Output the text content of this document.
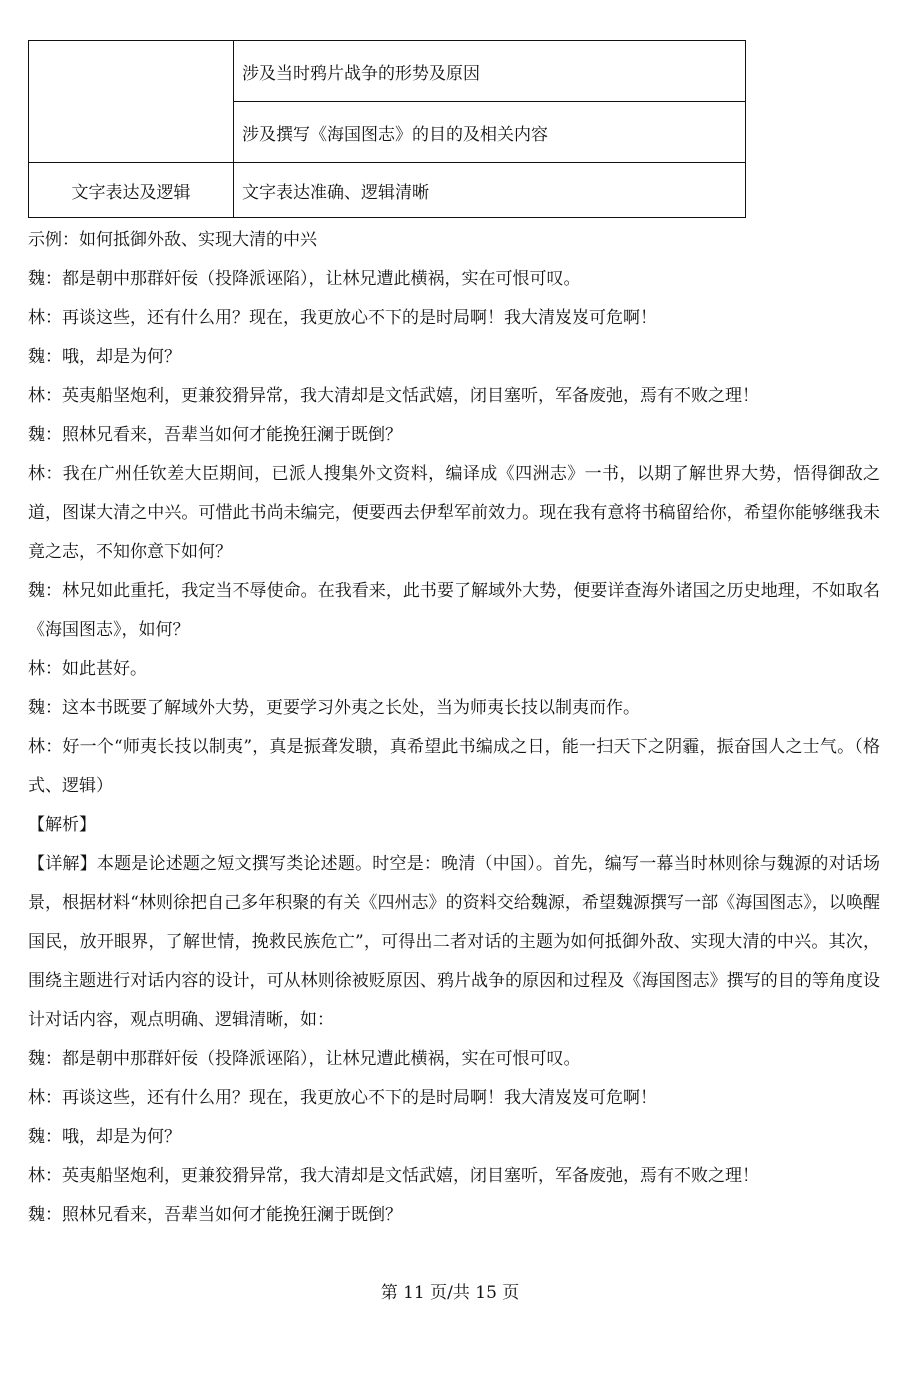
	涉及当时鸦片战争的形势及原因
	涉及撰写《海国图志》的目的及相关内容
文字表达及逻辑	文字表达准确、逻辑清晰

示例：如何抵御外敌、实现大清的中兴

魏：都是朝中那群奸佞（投降派诬陷），让林兄遭此横祸，实在可恨可叹。

林：再谈这些，还有什么用？现在，我更放心不下的是时局啊！我大清岌岌可危啊！

魏：哦，却是为何？

林：英夷船坚炮利，更兼狡猾异常，我大清却是文恬武嬉，闭目塞听，军备废弛，焉有不败之理！

魏：照林兄看来，吾辈当如何才能挽狂澜于既倒？

林：我在广州任钦差大臣期间，已派人搜集外文资料，编译成《四洲志》一书，以期了解世界大势，悟得御敌之道，图谋大清之中兴。可惜此书尚未编完，便要西去伊犁军前效力。现在我有意将书稿留给你，希望你能够继我未竟之志，不知你意下如何？

魏：林兄如此重托，我定当不辱使命。在我看来，此书要了解域外大势，便要详查海外诸国之历史地理，不如取名《海国图志》，如何？

林：如此甚好。

魏：这本书既要了解域外大势，更要学习外夷之长处，当为师夷长技以制夷而作。

林：好一个“师夷长技以制夷”，真是振聋发聩，真希望此书编成之日，能一扫天下之阴霾，振奋国人之士气。（格式、逻辑）

【解析】

【详解】本题是论述题之短文撰写类论述题。时空是：晚清（中国）。首先，编写一幕当时林则徐与魏源的对话场景，根据材料“林则徐把自己多年积聚的有关《四州志》的资料交给魏源，希望魏源撰写一部《海国图志》，以唤醒国民，放开眼界，了解世情，挽救民族危亡”，可得出二者对话的主题为如何抵御外敌、实现大清的中兴。其次，围绕主题进行对话内容的设计，可从林则徐被贬原因、鸦片战争的原因和过程及《海国图志》撰写的目的等角度设计对话内容，观点明确、逻辑清晰，如：

魏：都是朝中那群奸佞（投降派诬陷），让林兄遭此横祸，实在可恨可叹。

林：再谈这些，还有什么用？现在，我更放心不下的是时局啊！我大清岌岌可危啊！

魏：哦，却是为何？

林：英夷船坚炮利，更兼狡猾异常，我大清却是文恬武嬉，闭目塞听，军备废弛，焉有不败之理！

魏：照林兄看来，吾辈当如何才能挽狂澜于既倒？

第 11 页/共 15 页
